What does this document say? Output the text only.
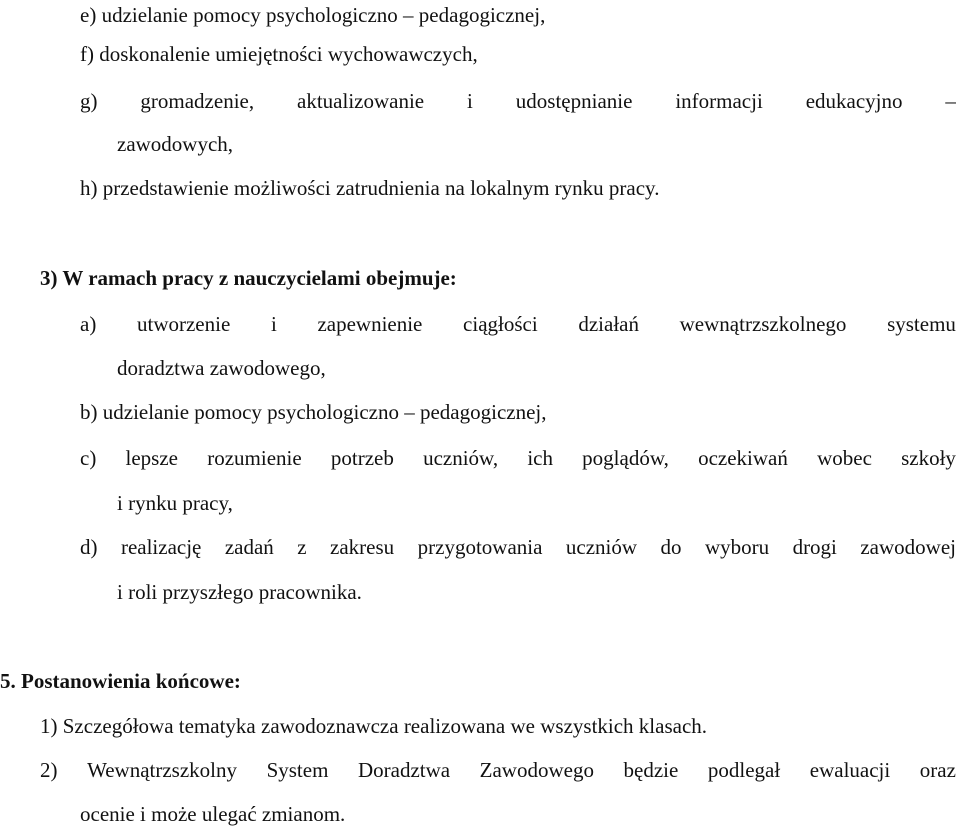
e) udzielanie pomocy psychologiczno – pedagogicznej,
f) doskonalenie umiejętności wychowawczych,
g) gromadzenie, aktualizowanie i udostępnianie informacji edukacyjno –
zawodowych,
h) przedstawienie możliwości zatrudnienia na lokalnym rynku pracy.
3) W ramach pracy z nauczycielami obejmuje:
a) utworzenie i zapewnienie ciągłości działań wewnątrzszkolnego systemu
doradztwa zawodowego,
b) udzielanie pomocy psychologiczno – pedagogicznej,
c) lepsze rozumienie potrzeb uczniów, ich poglądów, oczekiwań wobec szkoły
i rynku pracy,
d) realizację zadań z zakresu przygotowania uczniów do wyboru drogi zawodowej
i roli przyszłego pracownika.
5. Postanowienia końcowe:
1) Szczegółowa tematyka zawodoznawcza realizowana we wszystkich klasach.
2) Wewnątrzszkolny System Doradztwa Zawodowego będzie podlegał ewaluacji oraz
ocenie i może ulegać zmianom.
